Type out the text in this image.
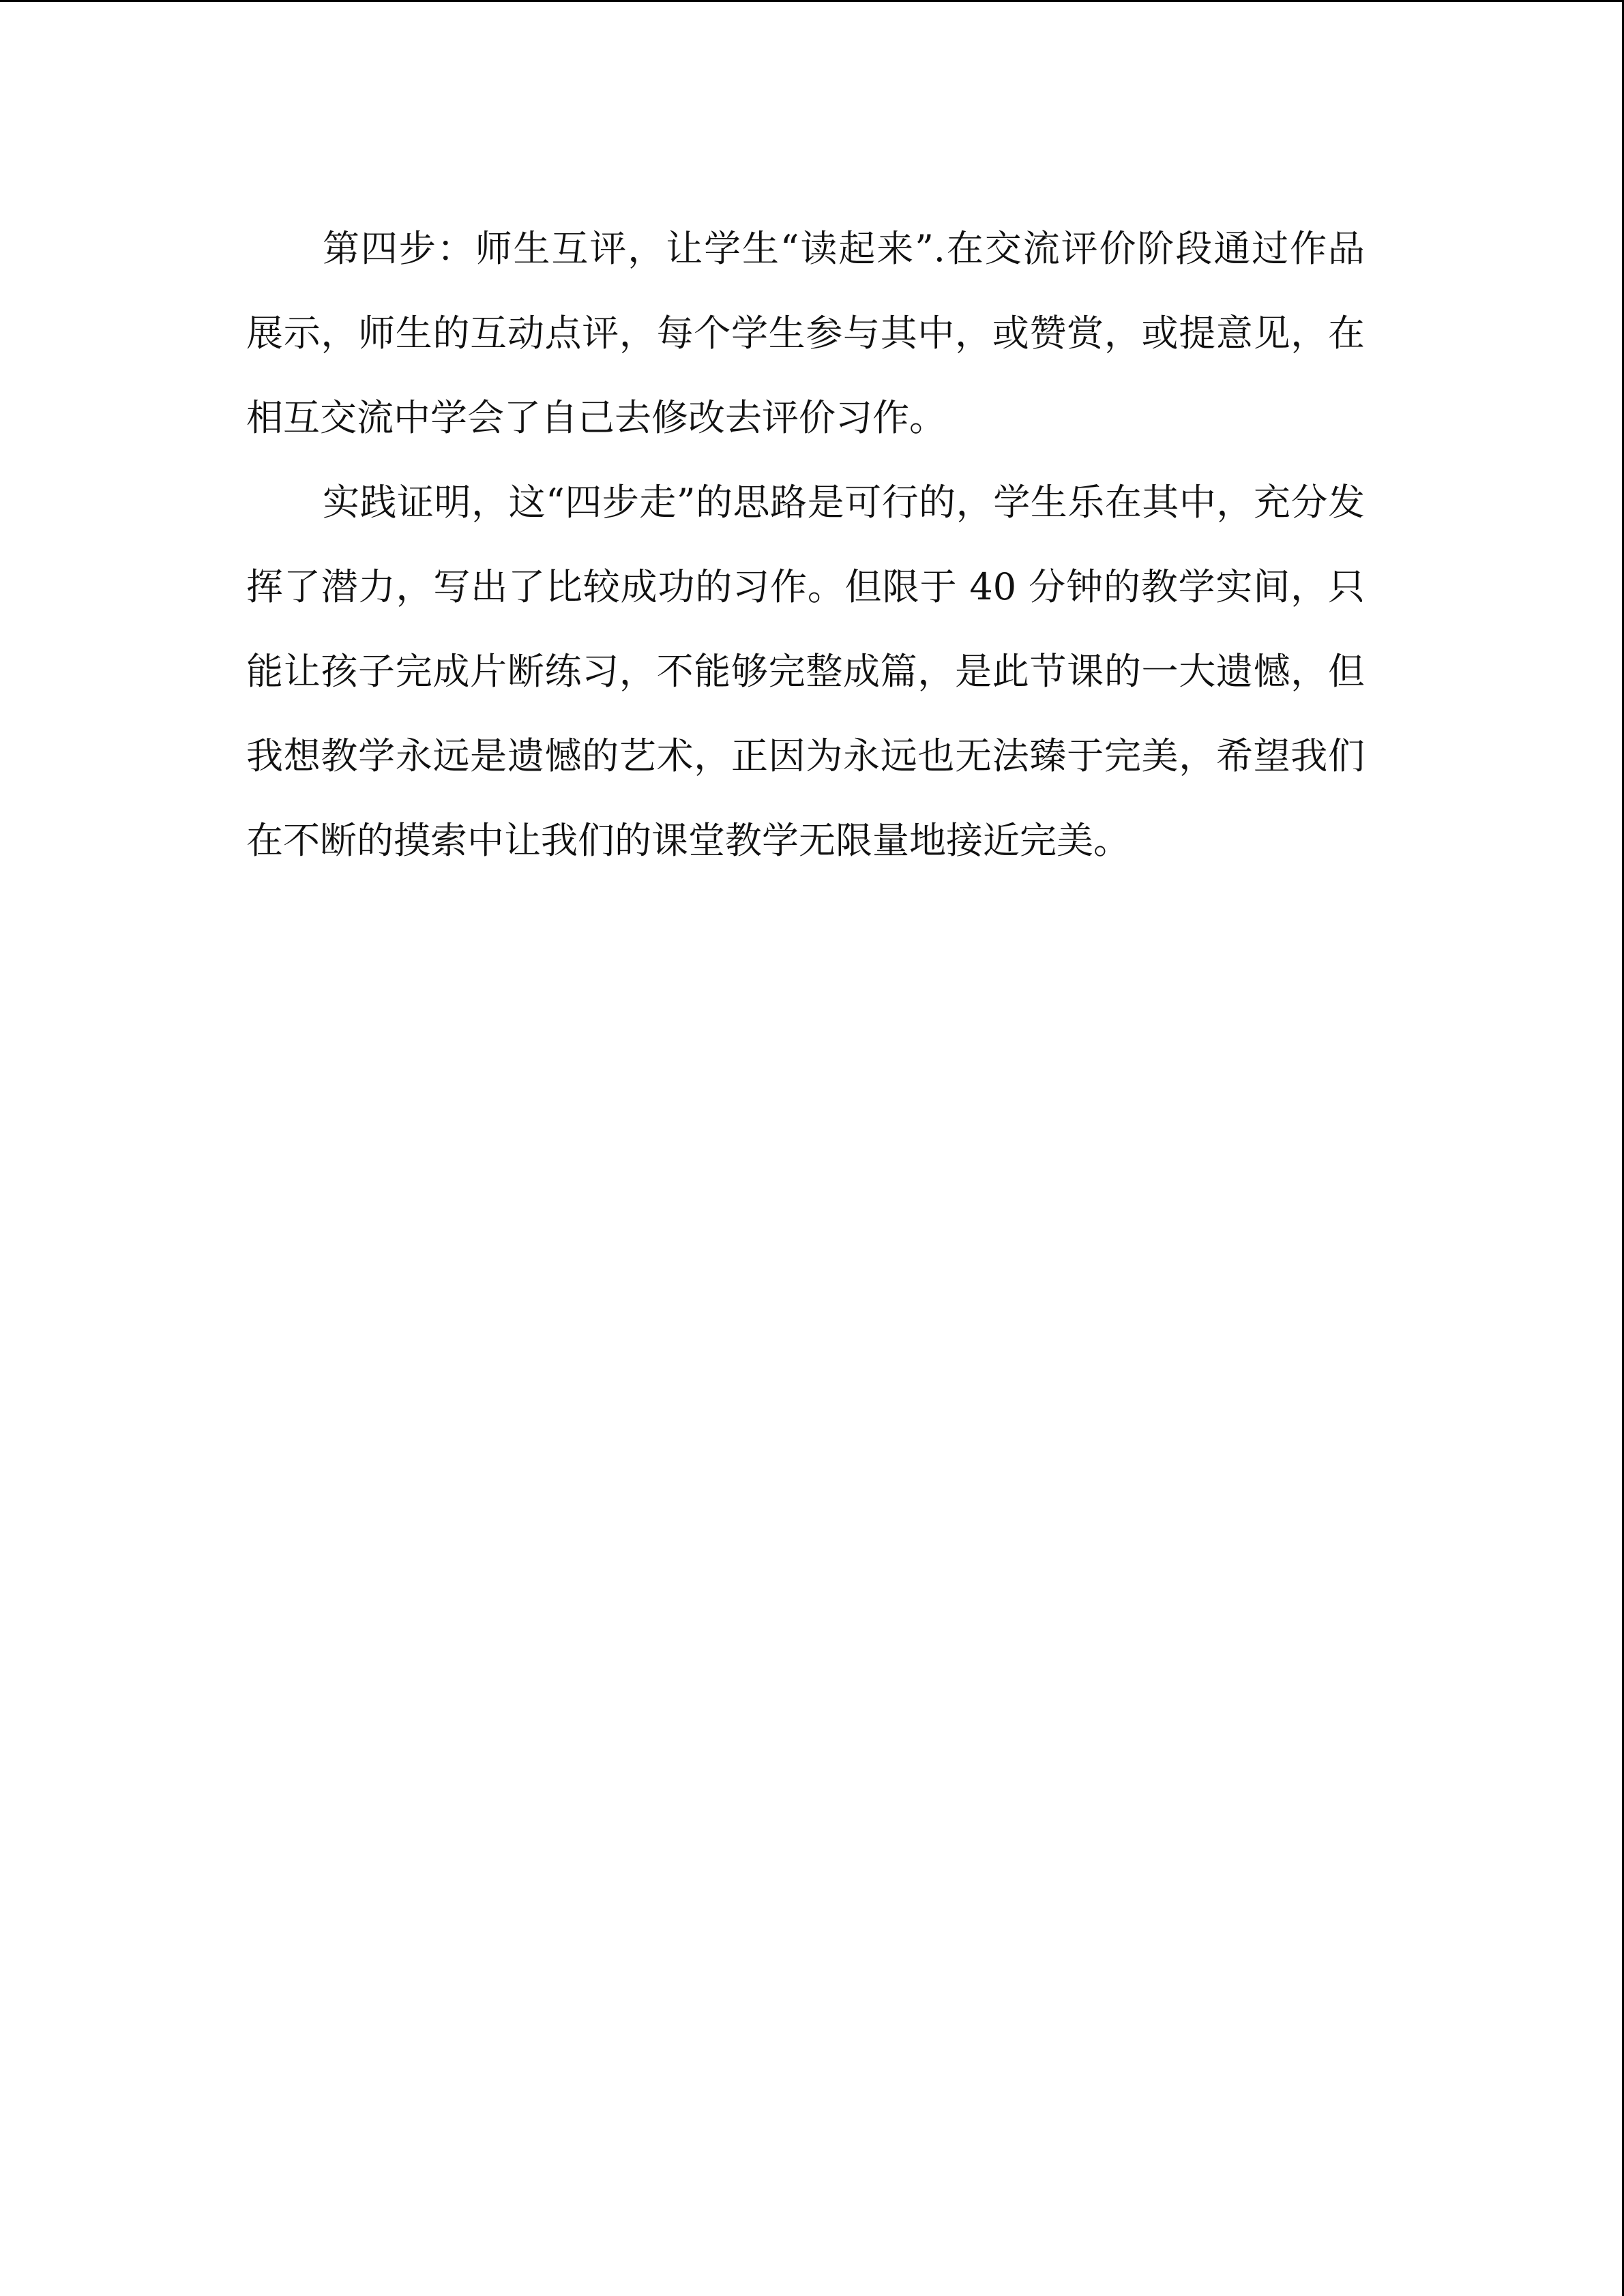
第四步：师生互评，让学生“读起来”.在交流评价阶段通过作品展示，师生的互动点评，每个学生参与其中，或赞赏，或提意见，在相互交流中学会了自己去修改去评价习作。

实践证明，这“四步走”的思路是可行的，学生乐在其中，充分发挥了潜力，写出了比较成功的习作。但限于 40 分钟的教学实间，只能让孩子完成片断练习，不能够完整成篇，是此节课的一大遗憾，但我想教学永远是遗憾的艺术，正因为永远也无法臻于完美，希望我们在不断的摸索中让我们的课堂教学无限量地接近完美。
